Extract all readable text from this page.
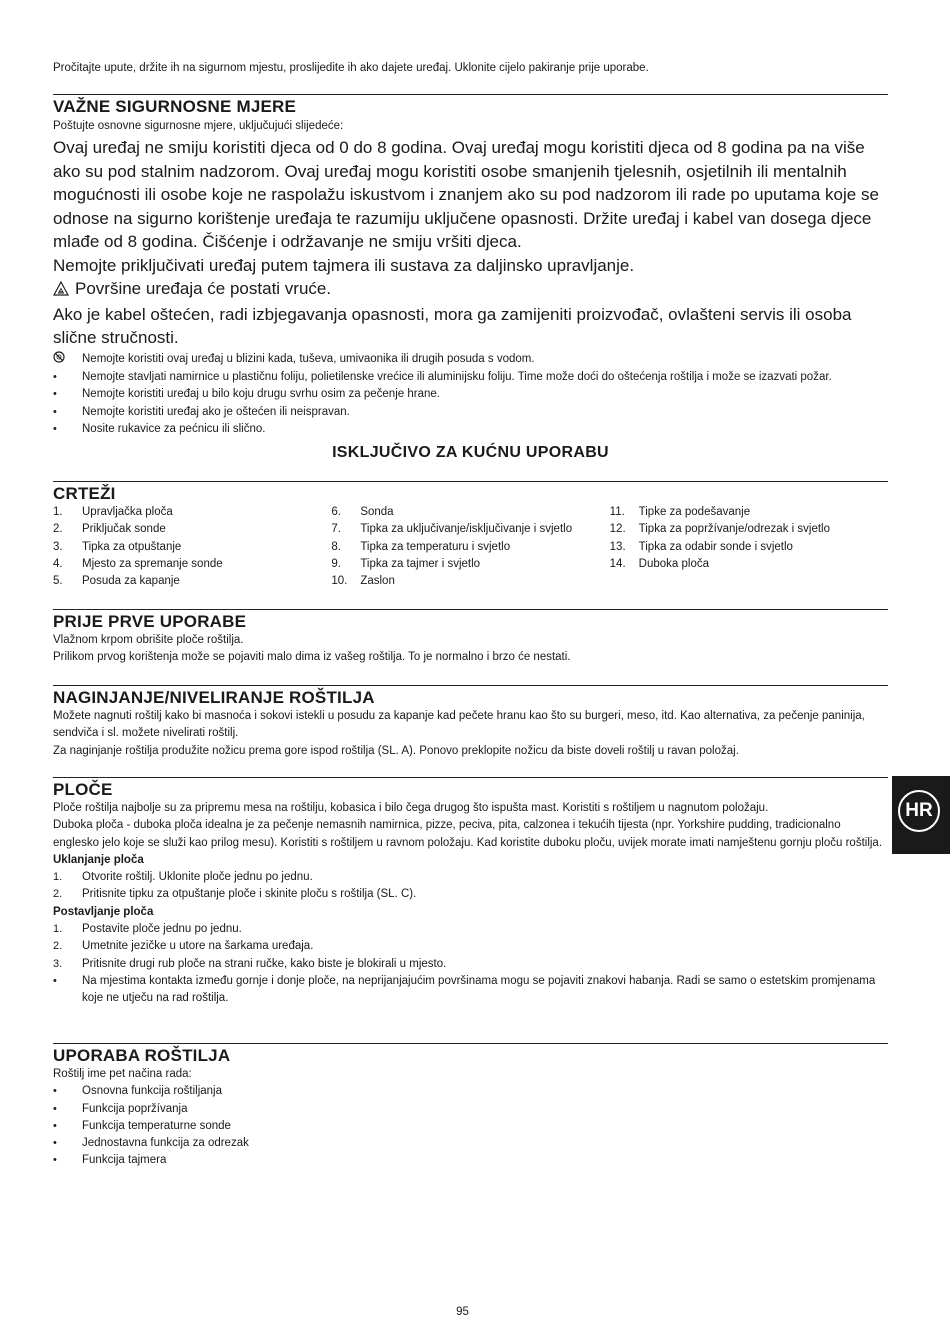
Pročitajte upute, držite ih na sigurnom mjestu, proslijedite ih ako dajete uređaj. Uklonite cijelo pakiranje prije uporabe.
VAŽNE SIGURNOSNE MJERE
Poštujte osnovne sigurnosne mjere, uključujući slijedeće:
Ovaj uređaj ne smiju koristiti djeca od 0 do 8 godina. Ovaj uređaj mogu koristiti djeca od 8 godina pa na više ako su pod stalnim nadzorom. Ovaj uređaj mogu koristiti osobe smanjenih tjelesnih, osjetilnih ili mentalnih mogućnosti ili osobe koje ne raspolažu iskustvom i znanjem ako su pod nadzorom ili rade po uputama koje se odnose na sigurno korištenje uređaja te razumiju uključene opasnosti. Držite uređaj i kabel van dosega djece mlađe od 8 godina. Čišćenje i održavanje ne smiju vršiti djeca.
Nemojte priključivati uređaj putem tajmera ili sustava za daljinsko upravljanje.
Površine uređaja će postati vruće.
Ako je kabel oštećen, radi izbjegavanja opasnosti, mora ga zamijeniti proizvođač, ovlašteni servis ili osoba slične stručnosti.
Nemojte koristiti ovaj uređaj u blizini kada, tuševa, umivaonika ili drugih posuda s vodom.
•	Nemojte stavljati namirnice u plastičnu foliju, polietilenske vrećice ili aluminijsku foliju. Time može doći do oštećenja roštilja i može se izazvati požar.
•	Nemojte koristiti uređaj u bilo koju drugu svrhu osim za pečenje hrane.
•	Nemojte koristiti uređaj ako je oštećen ili neispravan.
•	Nosite rukavice za pećnicu ili slično.
ISKLJUČIVO ZA KUĆNU UPORABU
CRTEŽI
1.	Upravljačka ploča
2.	Priključak sonde
3.	Tipka za otpuštanje
4.	Mjesto za spremanje sonde
5.	Posuda za kapanje
6.	Sonda
7.	Tipka za uključivanje/isključivanje i svjetlo
8.	Tipka za temperaturu i svjetlo
9.	Tipka za tajmer i svjetlo
10.	Zaslon
11.	Tipke za podešavanje
12.	Tipka za popržívanje/odrezak i svjetlo
13.	Tipka za odabir sonde i svjetlo
14.	Duboka ploča
PRIJE PRVE UPORABE
Vlažnom krpom obrišite ploče roštilja.
Prilikom prvog korištenja može se pojaviti malo dima iz vašeg roštilja. To je normalno i brzo će nestati.
NAGINJANJE/NIVELIRANJE ROŠTILJA
Možete nagnuti roštilj kako bi masnoća i sokovi istekli u posudu za kapanje kad pečete hranu kao što su burgeri, meso, itd. Kao alternativa, za pečenje paninija, sendviča i sl. možete nivelirati roštilj.
Za naginjanje roštilja produžite nožicu prema gore ispod roštilja (SL. A). Ponovo preklopite nožicu da biste doveli roštilj u ravan položaj.
PLOČE
Ploče roštilja najbolje su za pripremu mesa na roštilju, kobasica i bilo čega drugog što ispušta mast. Koristiti s roštiljem u nagnutom položaju.
Duboka ploča - duboka ploča idealna je za pečenje nemasnih namirnica, pizze, peciva, pita, calzonea i tekućih tijesta (npr. Yorkshire pudding, tradicionalno englesko jelo koje se služi kao prilog mesu). Koristiti s roštiljem u ravnom položaju. Kad koristite duboku ploču, uvijek morate imati namještenu gornju ploču roštilja.
Uklanjanje ploča
1.	Otvorite roštilj. Uklonite ploče jednu po jednu.
2.	Pritisnite tipku za otpuštanje ploče i skinite ploču s roštilja (SL. C).
Postavljanje ploča
1.	Postavite ploče jednu po jednu.
2.	Umetnite jezičke u utore na šarkama uređaja.
3.	Pritisnite drugi rub ploče na strani ručke, kako biste je blokirali u mjesto.
•	Na mjestima kontakta između gornje i donje ploče, na neprijanjajućim površinama mogu se pojaviti znakovi habanja. Radi se samo o estetskim promjenama koje ne utječu na rad roštilja.
UPORABA ROŠTILJA
Roštilj ime pet načina rada:
•	Osnovna funkcija roštiljanja
•	Funkcija popržívanja
•	Funkcija temperaturne sonde
•	Jednostavna funkcija za odrezak
•	Funkcija tajmera
HR
95
